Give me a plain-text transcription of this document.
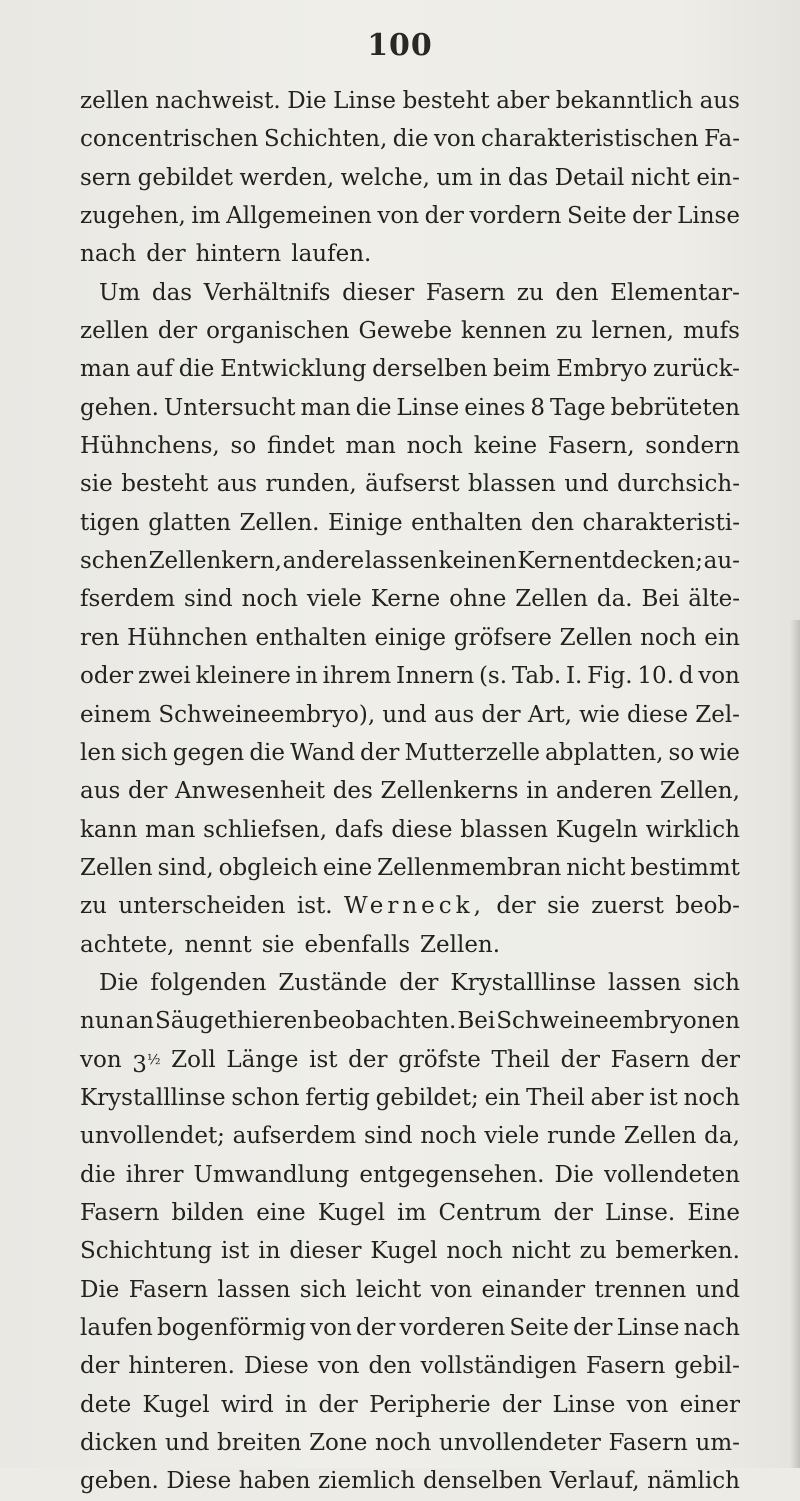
100
zellen nachweist. Die Linse besteht aber bekanntlich aus
concentrischen Schichten, die von charakteristischen Fa-
sern gebildet werden, welche, um in das Detail nicht ein-
zugehen, im Allgemeinen von der vordern Seite der Linse
nach der hintern laufen.
Um das Verhältnifs dieser Fasern zu den Elementar-
zellen der organischen Gewebe kennen zu lernen, mufs
man auf die Entwicklung derselben beim Embryo zurück-
gehen. Untersucht man die Linse eines 8 Tage bebrüteten
Hühnchens, so findet man noch keine Fasern, sondern
sie besteht aus runden, äufserst blassen und durchsich-
tigen glatten Zellen. Einige enthalten den charakteristi-
schen Zellenkern, andere lassen keinen Kern entdecken; au-
fserdem sind noch viele Kerne ohne Zellen da. Bei älte-
ren Hühnchen enthalten einige gröfsere Zellen noch ein
oder zwei kleinere in ihrem Innern (s. Tab. I. Fig. 10. d von
einem Schweineembryo), und aus der Art, wie diese Zel-
len sich gegen die Wand der Mutterzelle abplatten, so wie
aus der Anwesenheit des Zellenkerns in anderen Zellen,
kann man schliefsen, dafs diese blassen Kugeln wirklich
Zellen sind, obgleich eine Zellenmembran nicht bestimmt
zu unterscheiden ist. Werneck, der sie zuerst beob-
achtete, nennt sie ebenfalls Zellen.
Die folgenden Zustände der Krystalllinse lassen sich
nun an Säugethieren beobachten. Bei Schweineembryonen
von 3½ Zoll Länge ist der gröfste Theil der Fasern der
Krystalllinse schon fertig gebildet; ein Theil aber ist noch
unvollendet; aufserdem sind noch viele runde Zellen da,
die ihrer Umwandlung entgegensehen. Die vollendeten
Fasern bilden eine Kugel im Centrum der Linse. Eine
Schichtung ist in dieser Kugel noch nicht zu bemerken.
Die Fasern lassen sich leicht von einander trennen und
laufen bogenförmig von der vorderen Seite der Linse nach
der hinteren. Diese von den vollständigen Fasern gebil-
dete Kugel wird in der Peripherie der Linse von einer
dicken und breiten Zone noch unvollendeter Fasern um-
geben. Diese haben ziemlich denselben Verlauf, nämlich
